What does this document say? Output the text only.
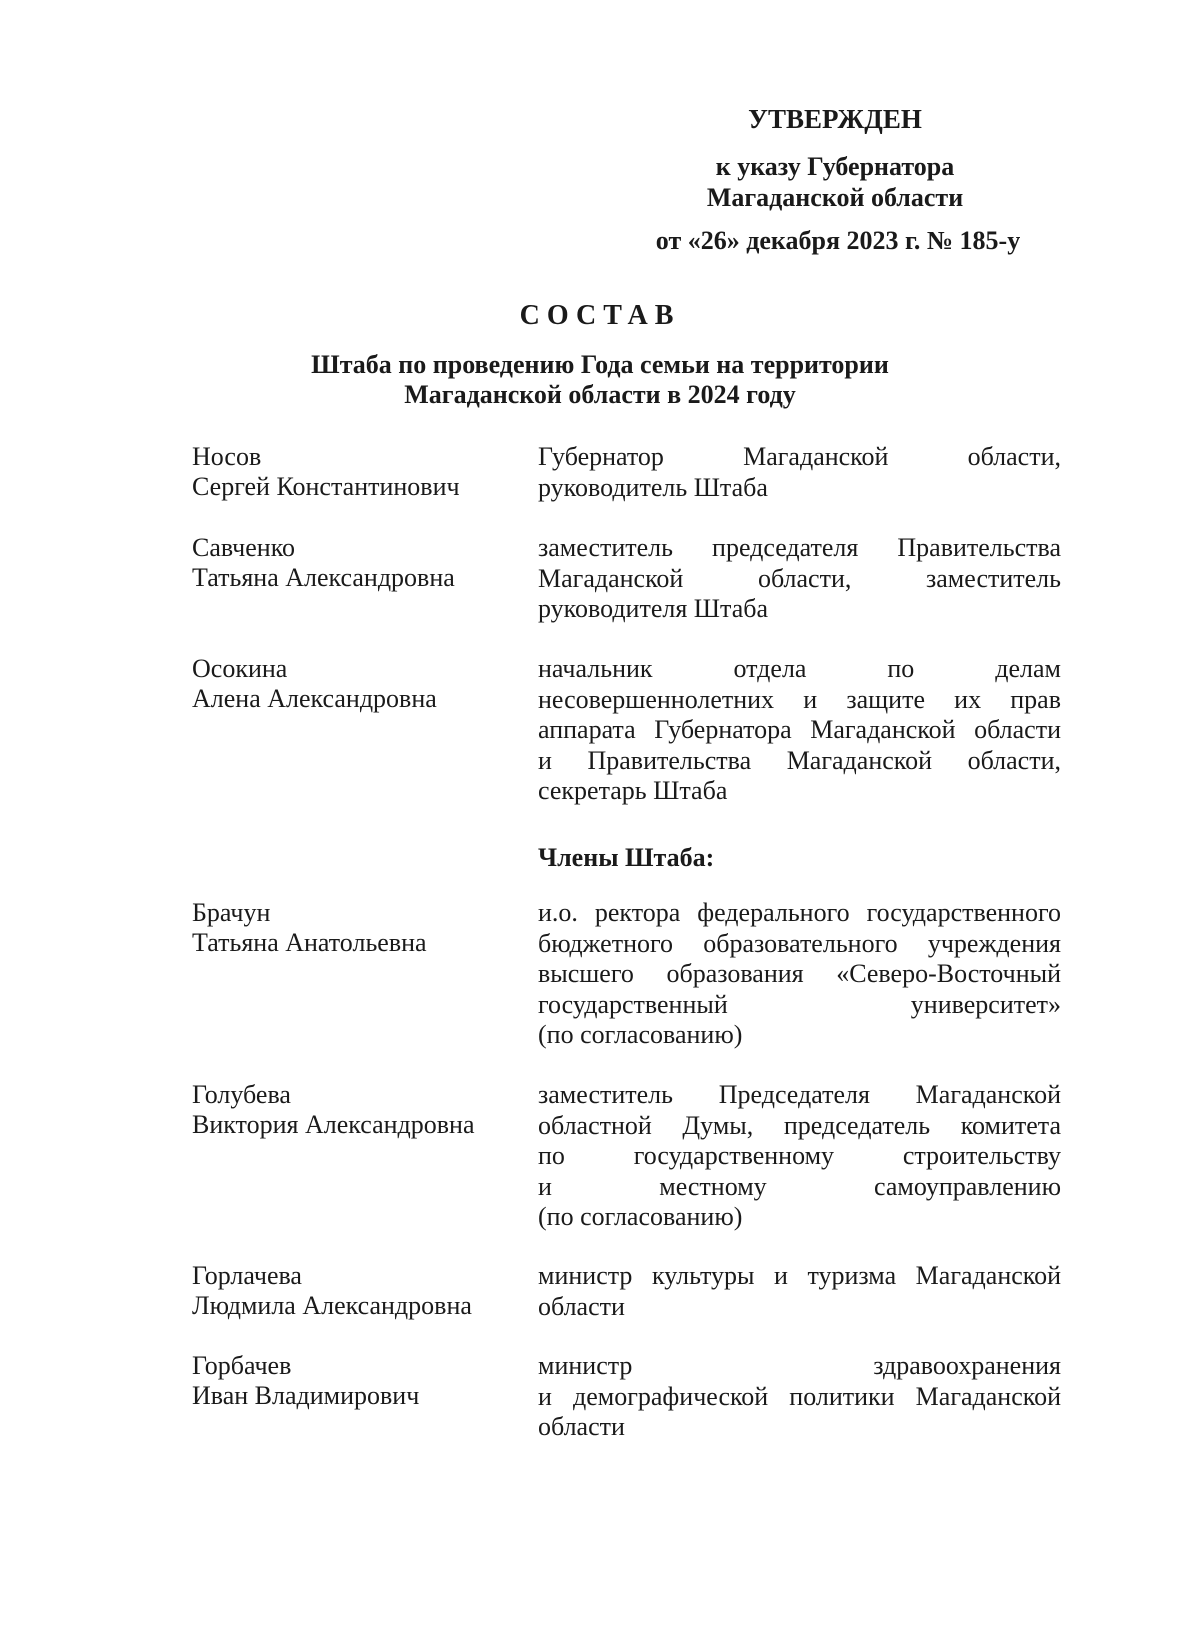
УТВЕРЖДЕН
к указу Губернатора
Магаданской области
от «26» декабря 2023 г. № 185-у
СОСТАВ
Штаба по проведению Года семьи на территории
Магаданской области в 2024 году
Носов
Сергей Константинович
Губернатор Магаданской области,
руководитель Штаба
Савченко
Татьяна Александровна
заместитель председателя Правительства
Магаданской области, заместитель
руководителя Штаба
Осокина
Алена Александровна
начальник отдела по делам
несовершеннолетних и защите их прав
аппарата Губернатора Магаданской области
и Правительства Магаданской области,
секретарь Штаба
Члены Штаба:
Брачун
Татьяна Анатольевна
и.о. ректора федерального государственного
бюджетного образовательного учреждения
высшего образования «Северо-Восточный
государственный университет»
(по согласованию)
Голубева
Виктория Александровна
заместитель Председателя Магаданской
областной Думы, председатель комитета
по государственному строительству
и местному самоуправлению
(по согласованию)
Горлачева
Людмила Александровна
министр культуры и туризма Магаданской
области
Горбачев
Иван Владимирович
министр здравоохранения
и демографической политики Магаданской
области
